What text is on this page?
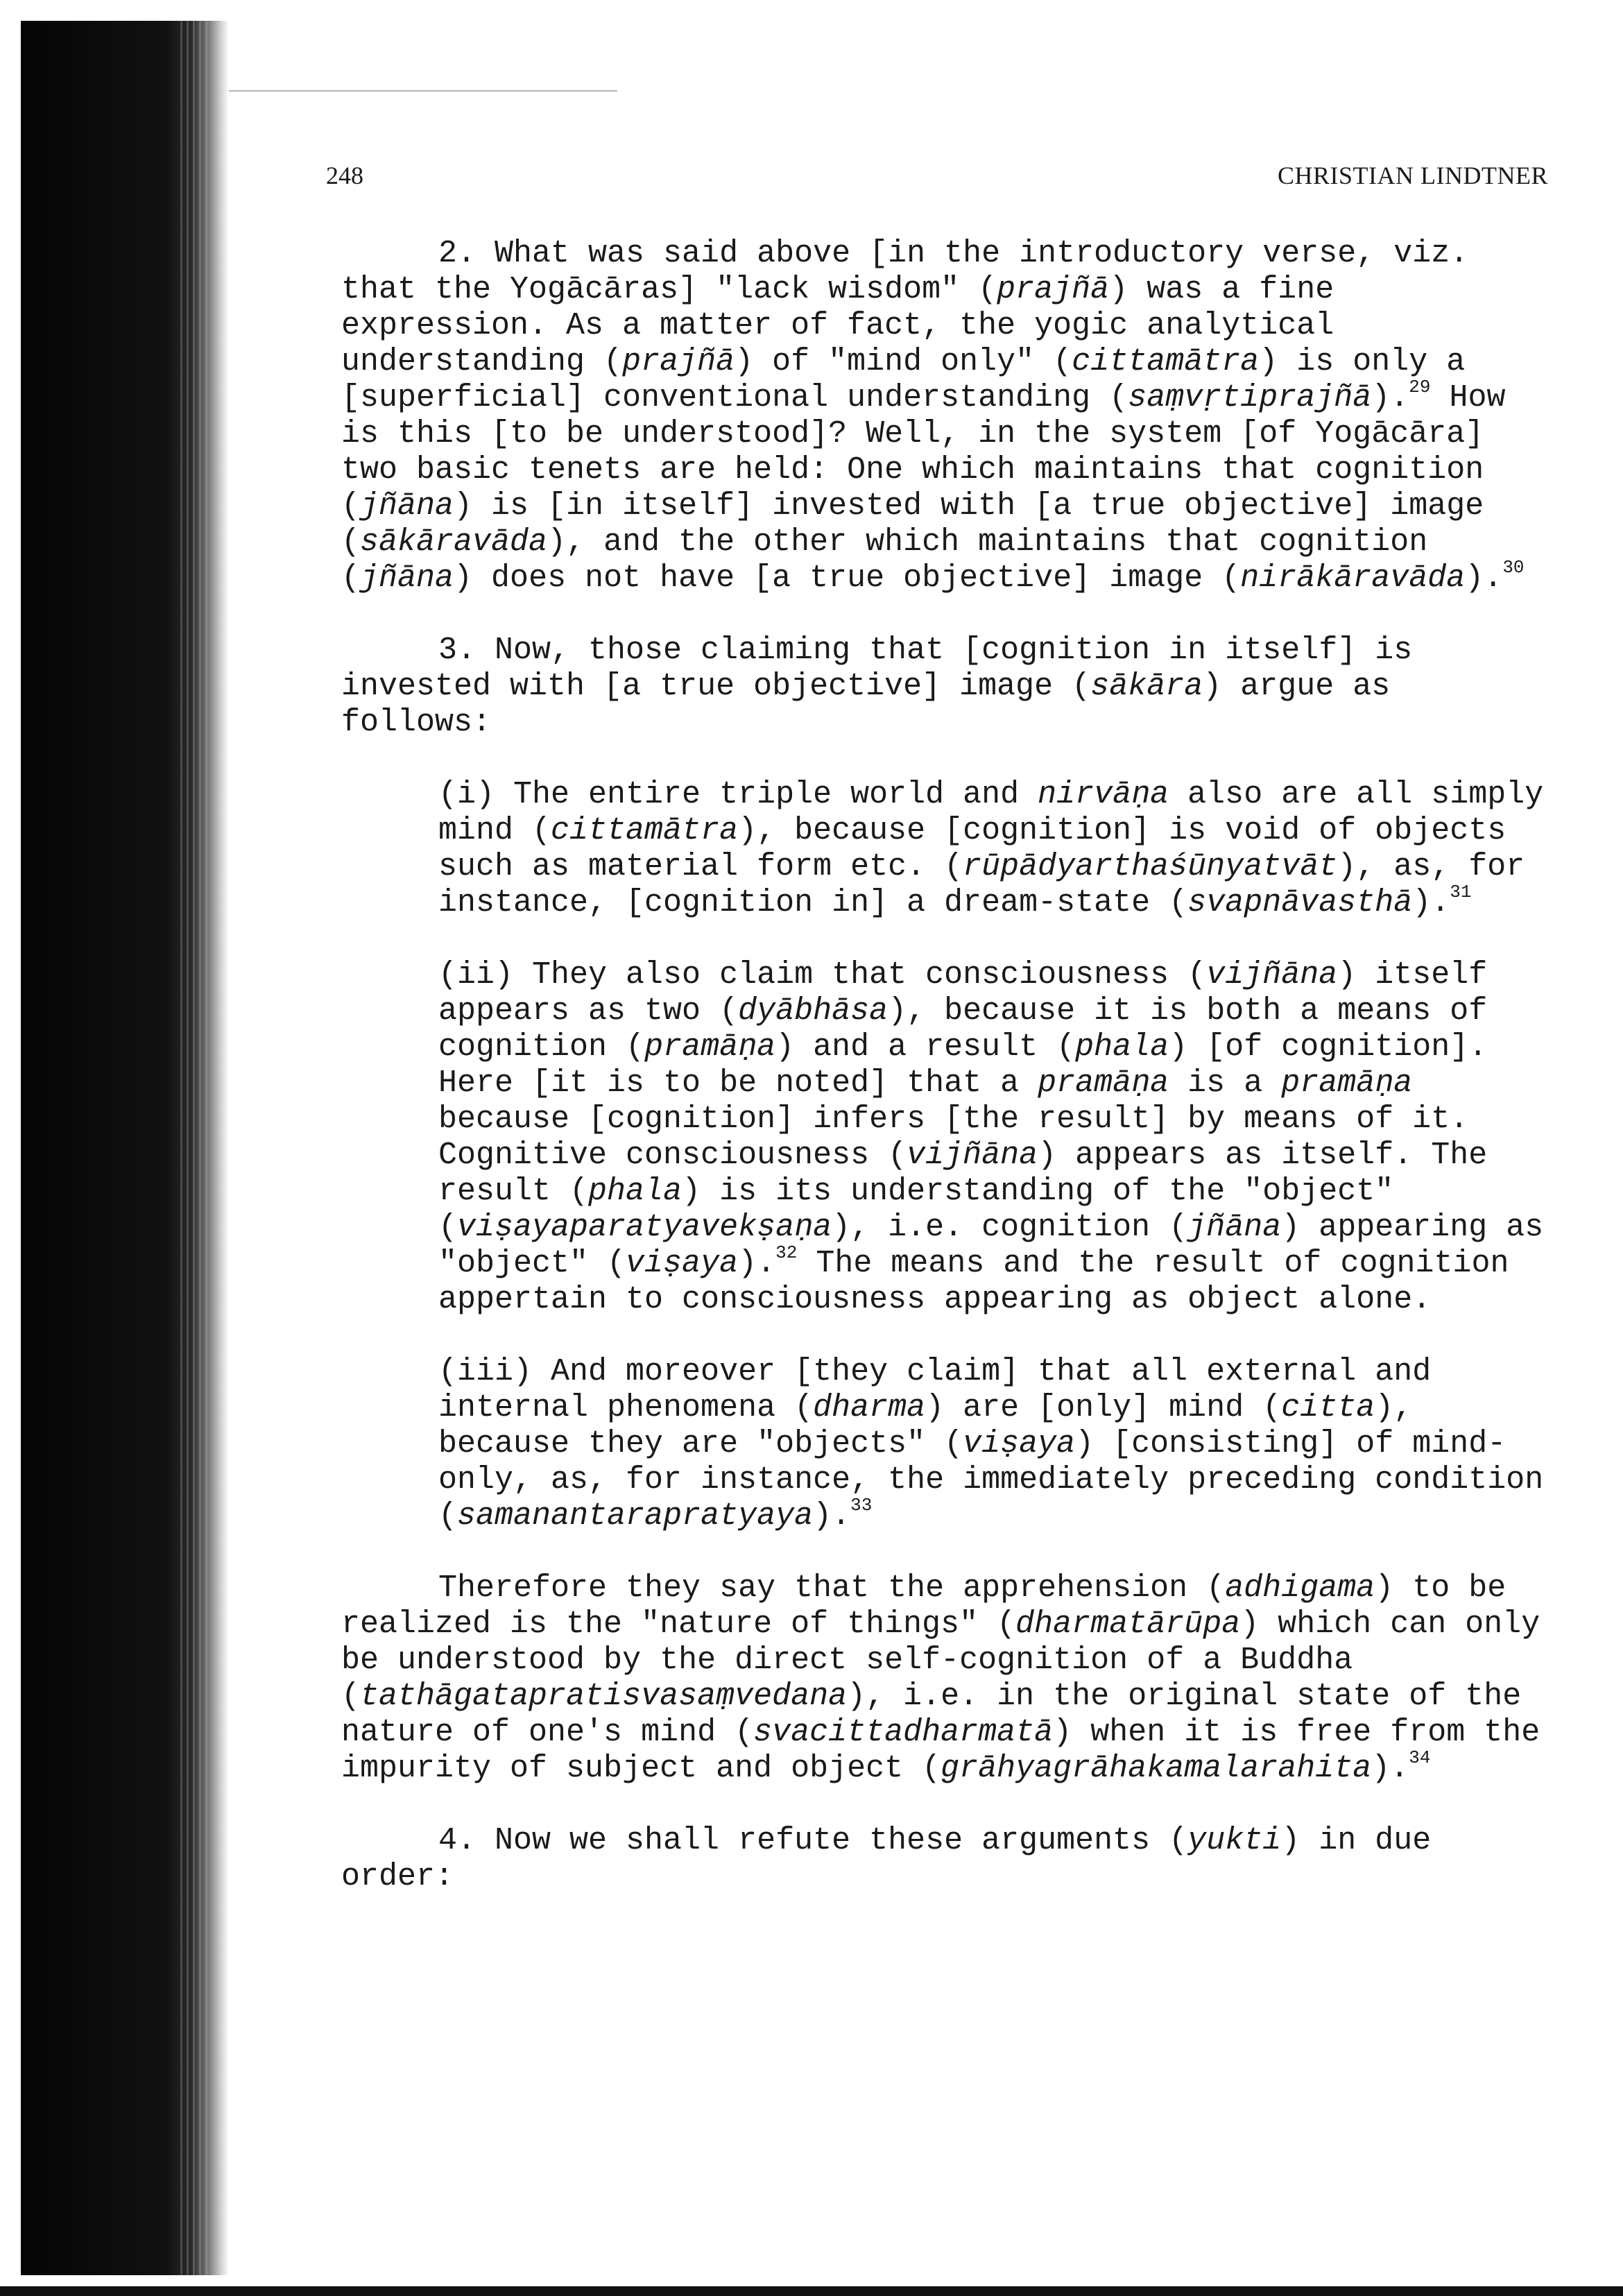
248	CHRISTIAN LINDTNER

2. What was said above [in the introductory verse, viz. that the Yogācāras] "lack wisdom" (prajñā) was a fine expression. As a matter of fact, the yogic analytical understanding (prajñā) of "mind only" (cittamātra) is only a [superficial] conventional understanding (saṃvṛtiprajñā).$^{29}$ How is this [to be understood]? Well, in the system [of Yogācāra] two basic tenets are held: One which maintains that cognition (jñāna) is [in itself] invested with [a true objective] image (sākāravāda), and the other which maintains that cognition (jñāna) does not have [a true objective] image (nirākāravāda).$^{30}$

3. Now, those claiming that [cognition in itself] is invested with [a true objective] image (sākāra) argue as follows:

(i) The entire triple world and nirvāṇa also are all simply mind (cittamātra), because [cognition] is void of objects such as material form etc. (rūpādyarthaśūnyatvāt), as, for instance, [cognition in] a dream-state (svapnāvasthā).$^{31}$

(ii) They also claim that consciousness (vijñāna) itself appears as two (dyābhāsa), because it is both a means of cognition (pramāṇa) and a result (phala) [of cognition]. Here [it is to be noted] that a pramāṇa is a pramāṇa because [cognition] infers [the result] by means of it. Cognitive consciousness (vijñāna) appears as itself. The result (phala) is its understanding of the "object" (viṣayaparatyavekṣaṇa), i.e. cognition (jñāna) appearing as "object" (viṣaya).$^{32}$ The means and the result of cognition appertain to consciousness appearing as object alone.

(iii) And moreover [they claim] that all external and internal phenomena (dharma) are [only] mind (citta), because they are "objects" (viṣaya) [consisting] of mind-only, as, for instance, the immediately preceding condition (samanantarapratyaya).$^{33}$

Therefore they say that the apprehension (adhigama) to be realized is the "nature of things" (dharmatārūpa) which can only be understood by the direct self-cognition of a Buddha (tathāgatapratisvasaṃvedana), i.e. in the original state of the nature of one's mind (svacittadharmatā) when it is free from the impurity of subject and object (grāhyagrāhakamalarahita).$^{34}$

4. Now we shall refute these arguments (yukti) in due order:
